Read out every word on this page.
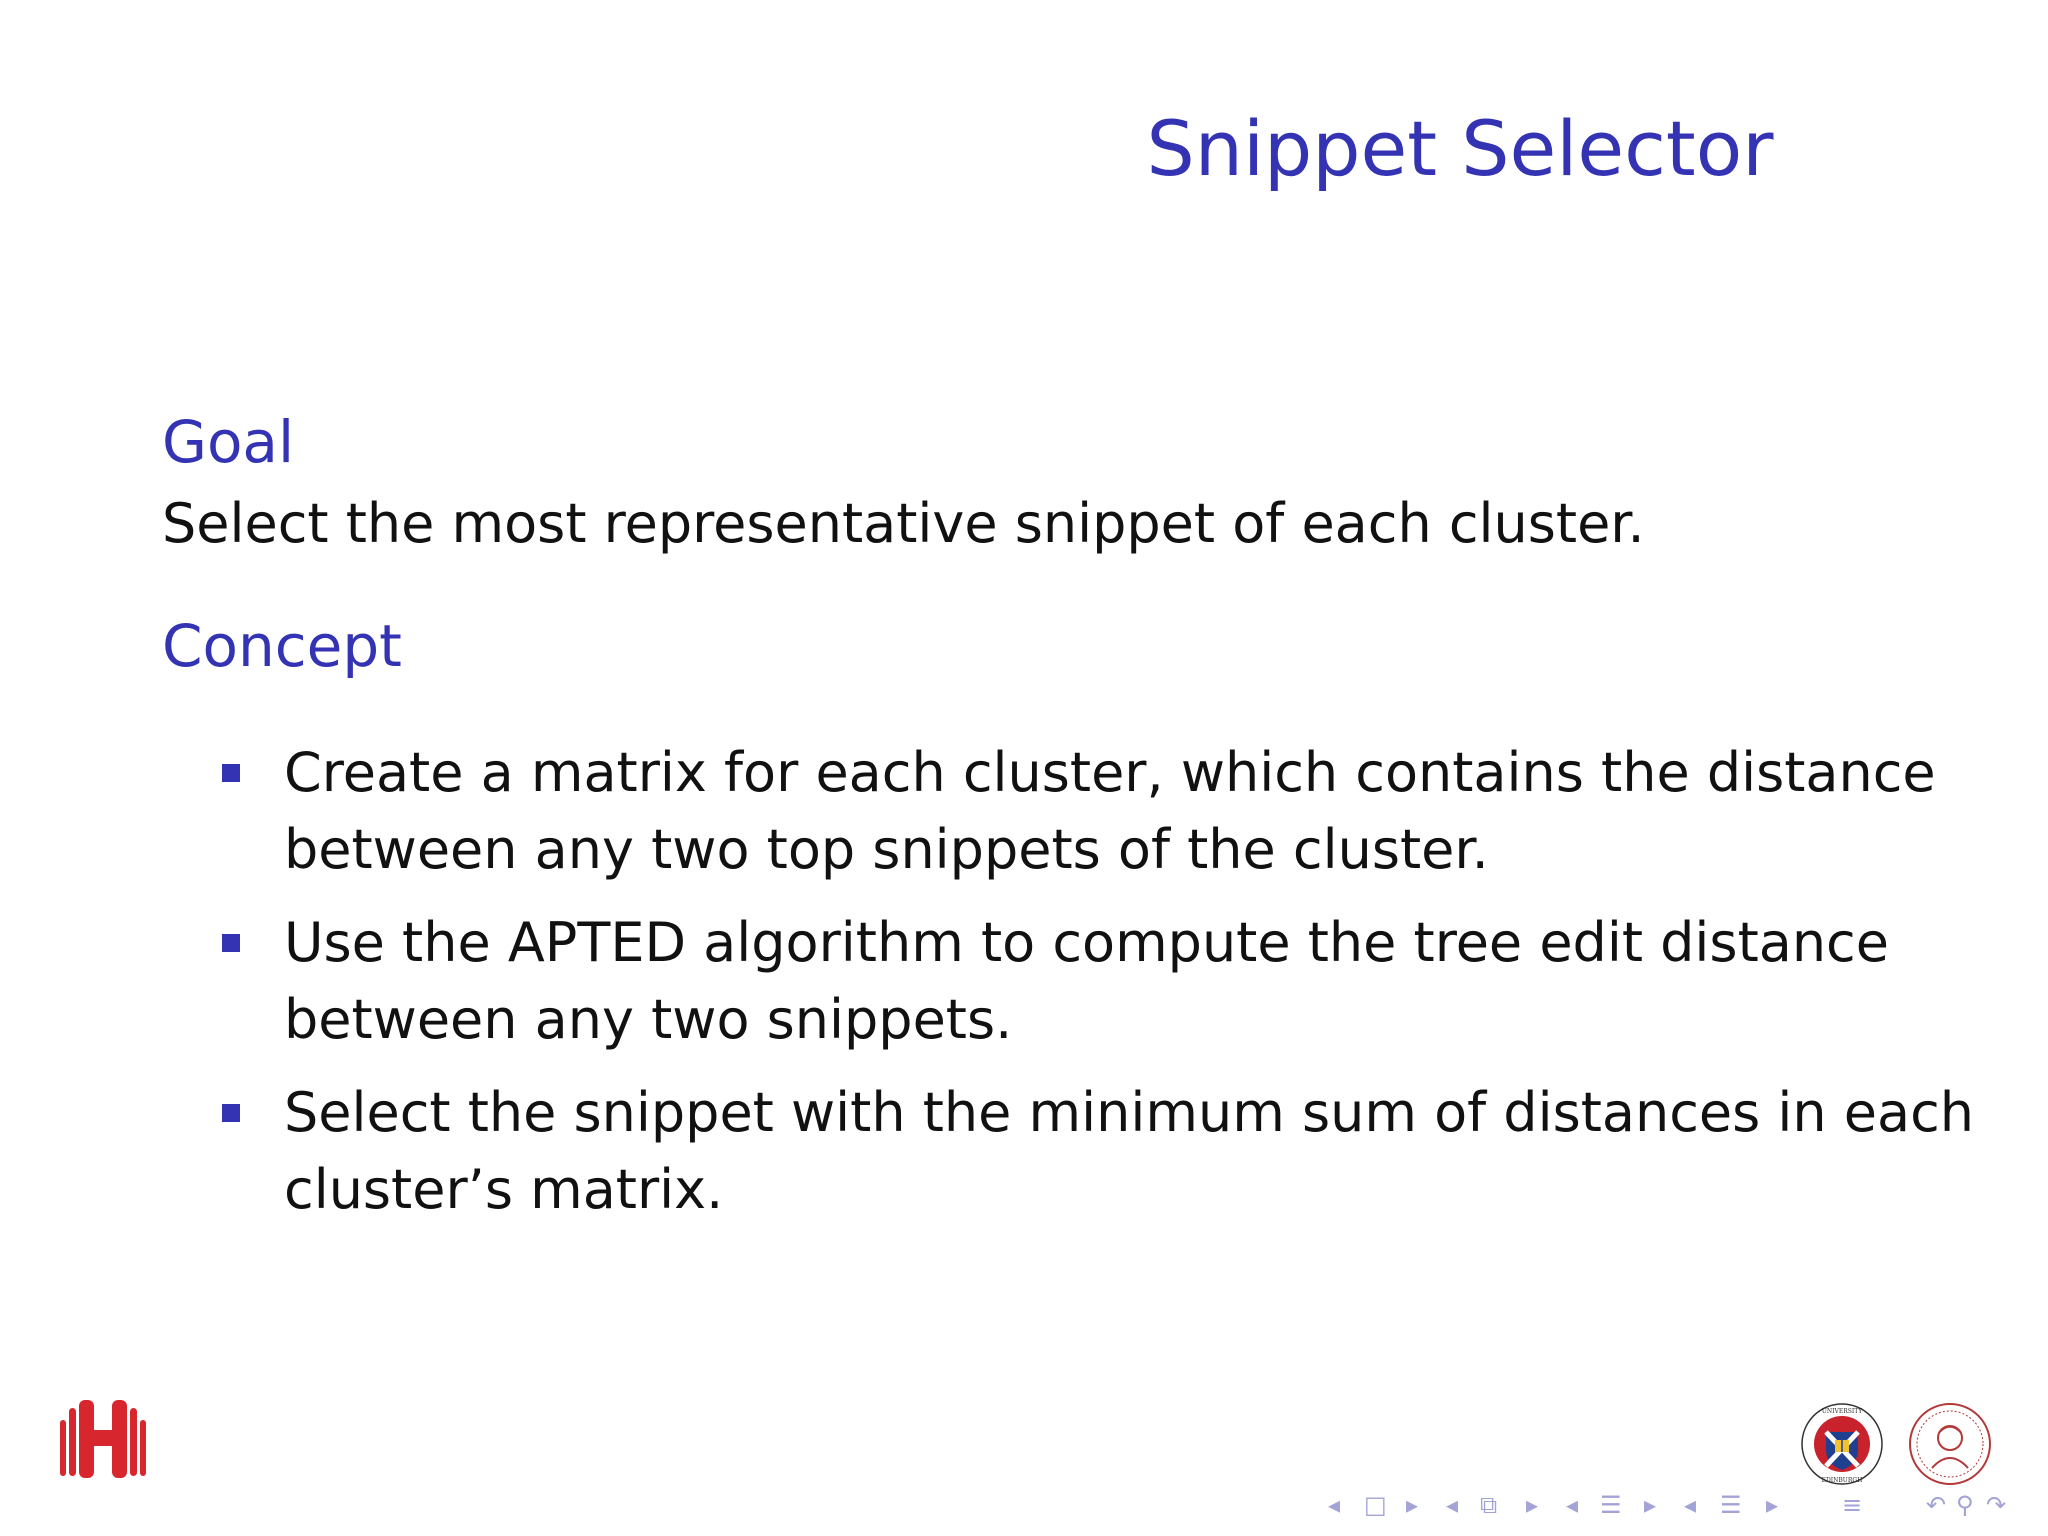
Snippet Selector
Goal
Select the most representative snippet of each cluster.
Concept
Create a matrix for each cluster, which contains the distance
between any two top snippets of the cluster.
Use the APTED algorithm to compute the tree edit distance
between any two snippets.
Select the snippet with the minimum sum of distances in each
cluster’s matrix.
UNIVERSITY
EDINBURGH
◂ □ ▸ ◂ ⧉ ▸ ◂ ☰ ▸ ◂ ☰ ▸	≡	↶ ⚲ ↷
